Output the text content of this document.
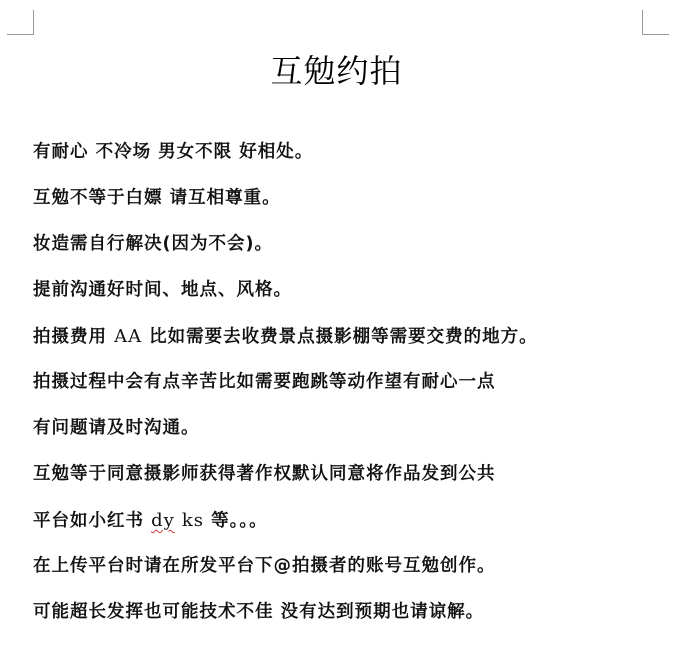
互勉约拍
有耐心 不冷场 男女不限 好相处。
互勉不等于白嫖 请互相尊重。
妆造需自行解决(因为不会)。
提前沟通好时间、地点、风格。
拍摄费用 AA 比如需要去收费景点摄影棚等需要交费的地方。
拍摄过程中会有点辛苦比如需要跑跳等动作望有耐心一点
有问题请及时沟通。
互勉等于同意摄影师获得著作权默认同意将作品发到公共
平台如小红书 dy ks 等。。。
在上传平台时请在所发平台下@拍摄者的账号互勉创作。
可能超长发挥也可能技术不佳 没有达到预期也请谅解。
